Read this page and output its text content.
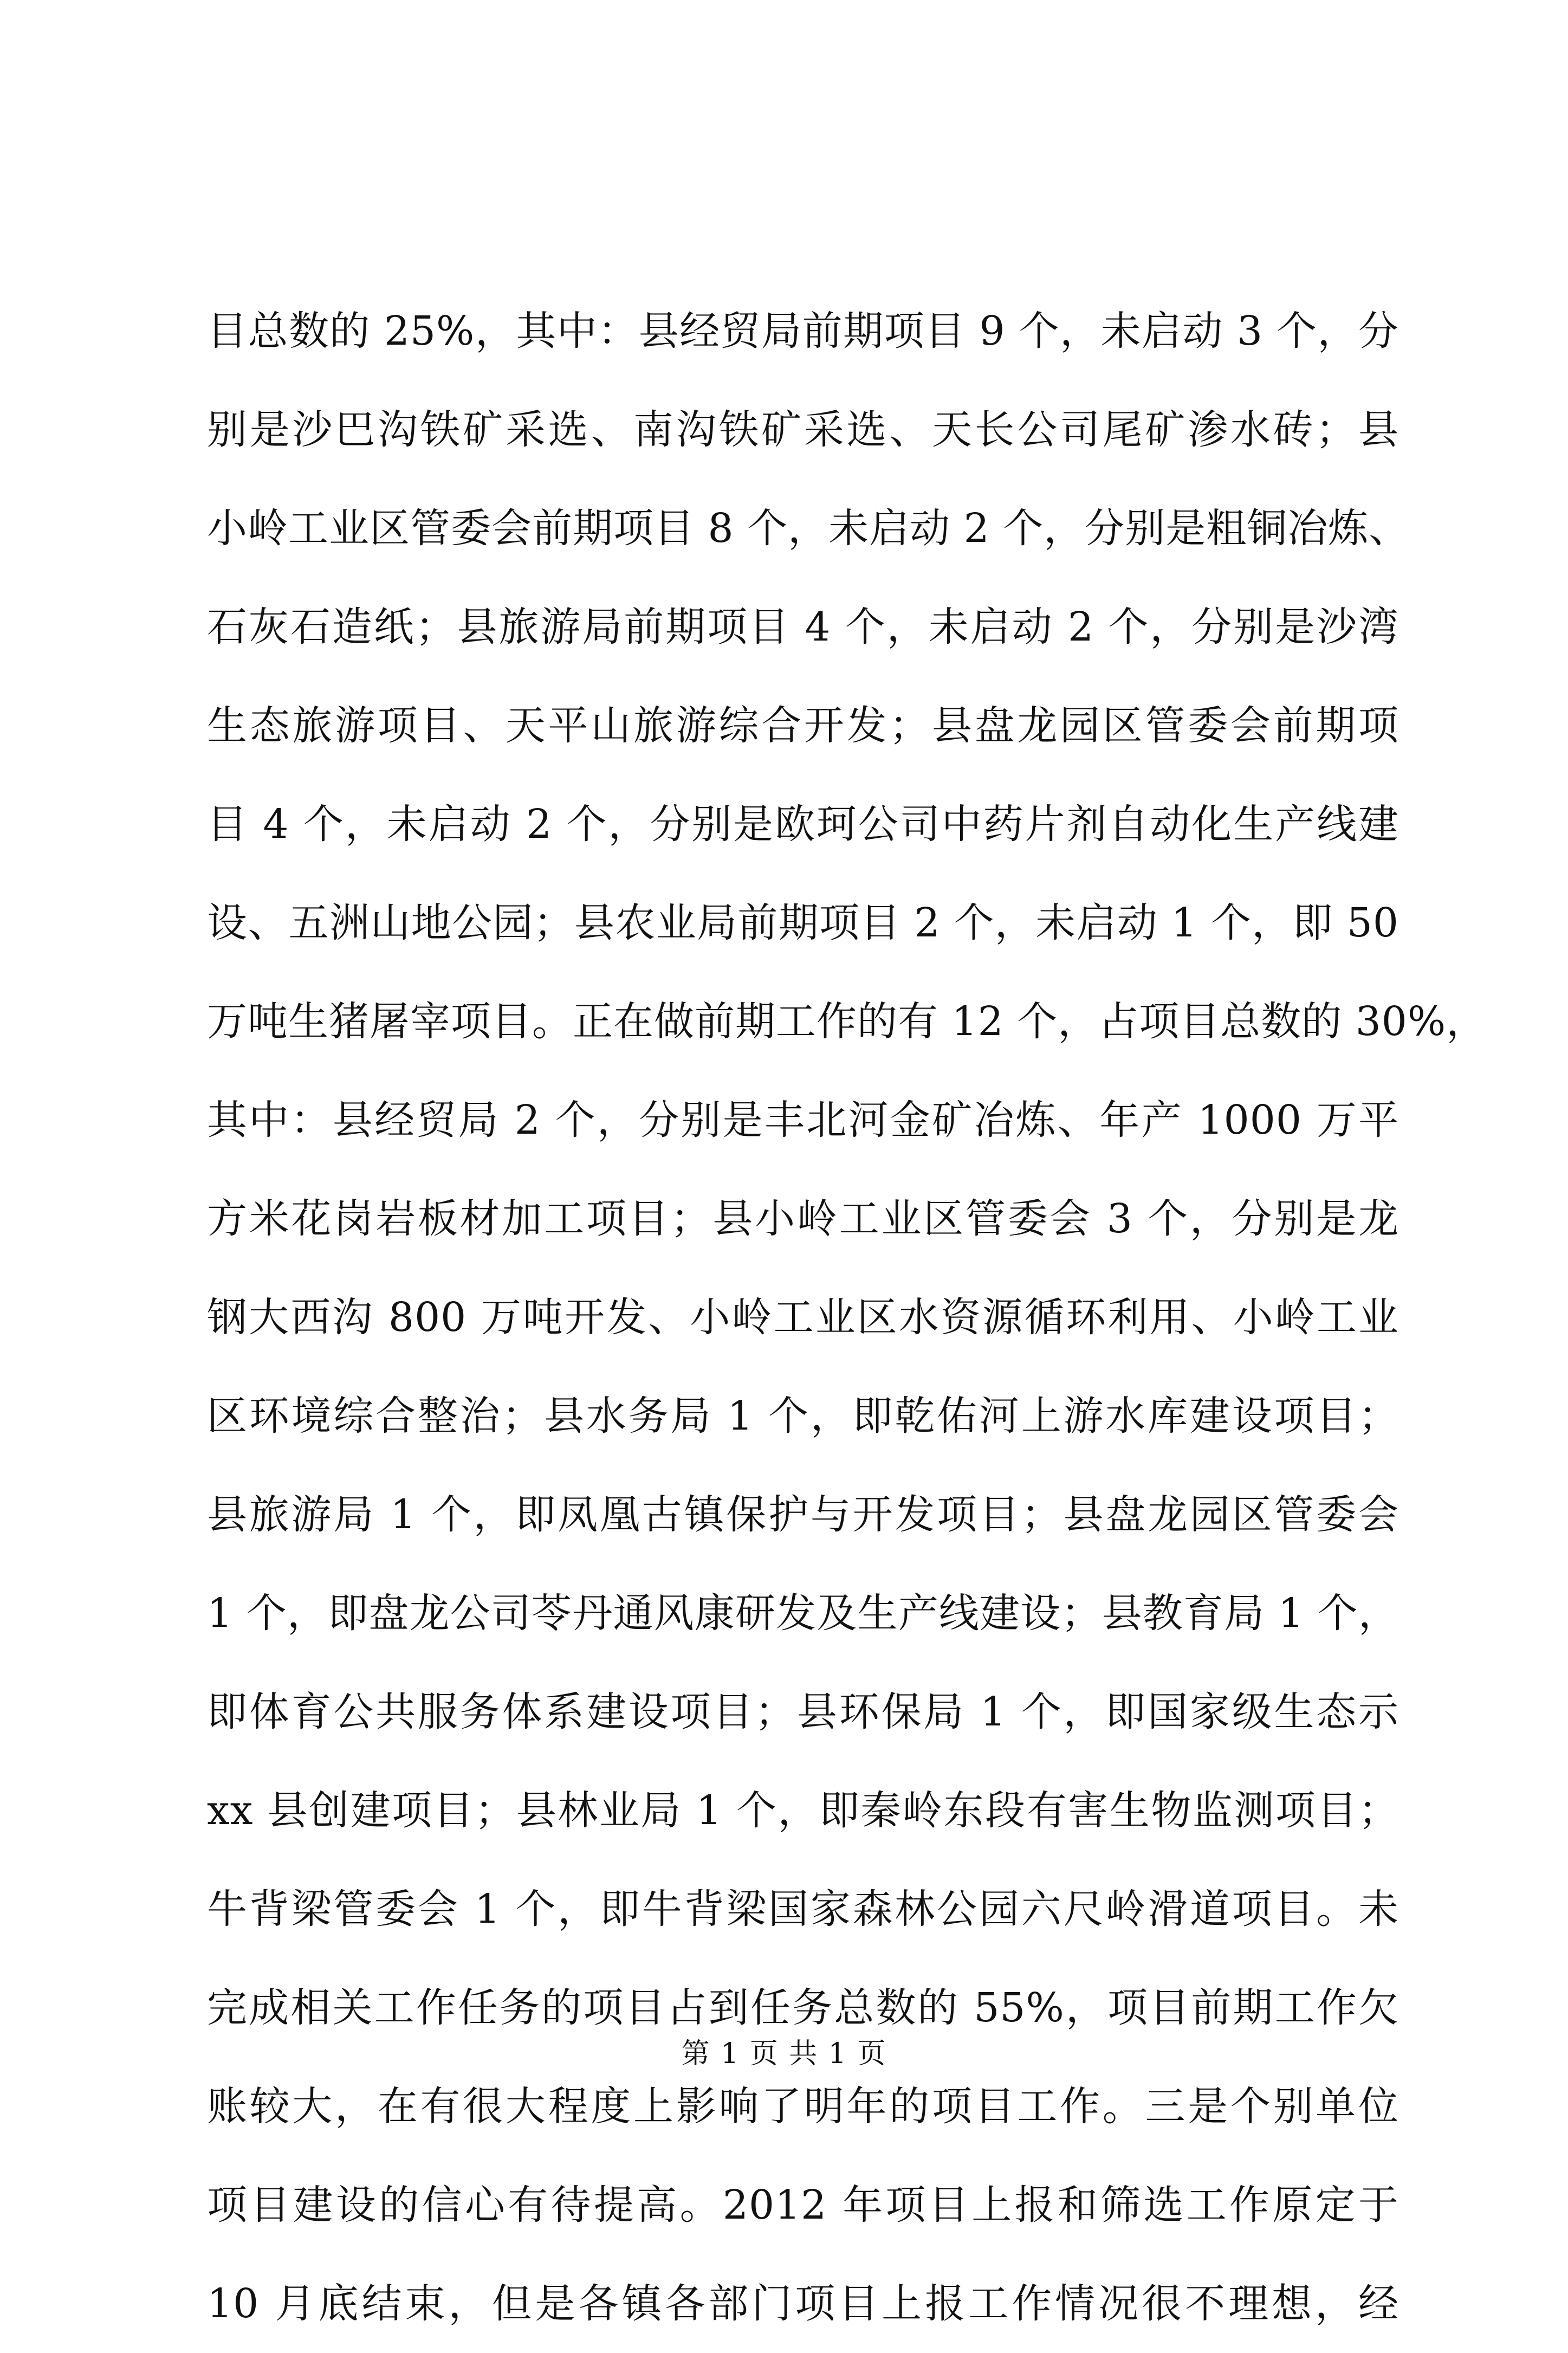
目总数的 25%，其中：县经贸局前期项目 9 个，未启动 3 个，分
别是沙巴沟铁矿采选、南沟铁矿采选、天长公司尾矿渗水砖；县
小岭工业区管委会前期项目 8 个，未启动 2 个，分别是粗铜冶炼、
石灰石造纸；县旅游局前期项目 4 个，未启动 2 个，分别是沙湾
生态旅游项目、天平山旅游综合开发；县盘龙园区管委会前期项
目 4 个，未启动 2 个，分别是欧珂公司中药片剂自动化生产线建
设、五洲山地公园；县农业局前期项目 2 个，未启动 1 个，即 50
万吨生猪屠宰项目。正在做前期工作的有 12 个，占项目总数的 30%，
其中：县经贸局 2 个，分别是丰北河金矿冶炼、年产 1000 万平
方米花岗岩板材加工项目；县小岭工业区管委会 3 个，分别是龙
钢大西沟 800 万吨开发、小岭工业区水资源循环利用、小岭工业
区环境综合整治；县水务局 1 个，即乾佑河上游水库建设项目；
县旅游局 1 个，即凤凰古镇保护与开发项目；县盘龙园区管委会
1 个，即盘龙公司苓丹通风康研发及生产线建设；县教育局 1 个，
即体育公共服务体系建设项目；县环保局 1 个，即国家级生态示
xx 县创建项目；县林业局 1 个，即秦岭东段有害生物监测项目；
牛背梁管委会 1 个，即牛背梁国家森林公园六尺岭滑道项目。未
完成相关工作任务的项目占到任务总数的 55%，项目前期工作欠
账较大，在有很大程度上影响了明年的项目工作。三是个别单位
项目建设的信心有待提高。2012 年项目上报和筛选工作原定于
10 月底结束，但是各镇各部门项目上报工作情况很不理想，经
第 1 页 共 1 页
